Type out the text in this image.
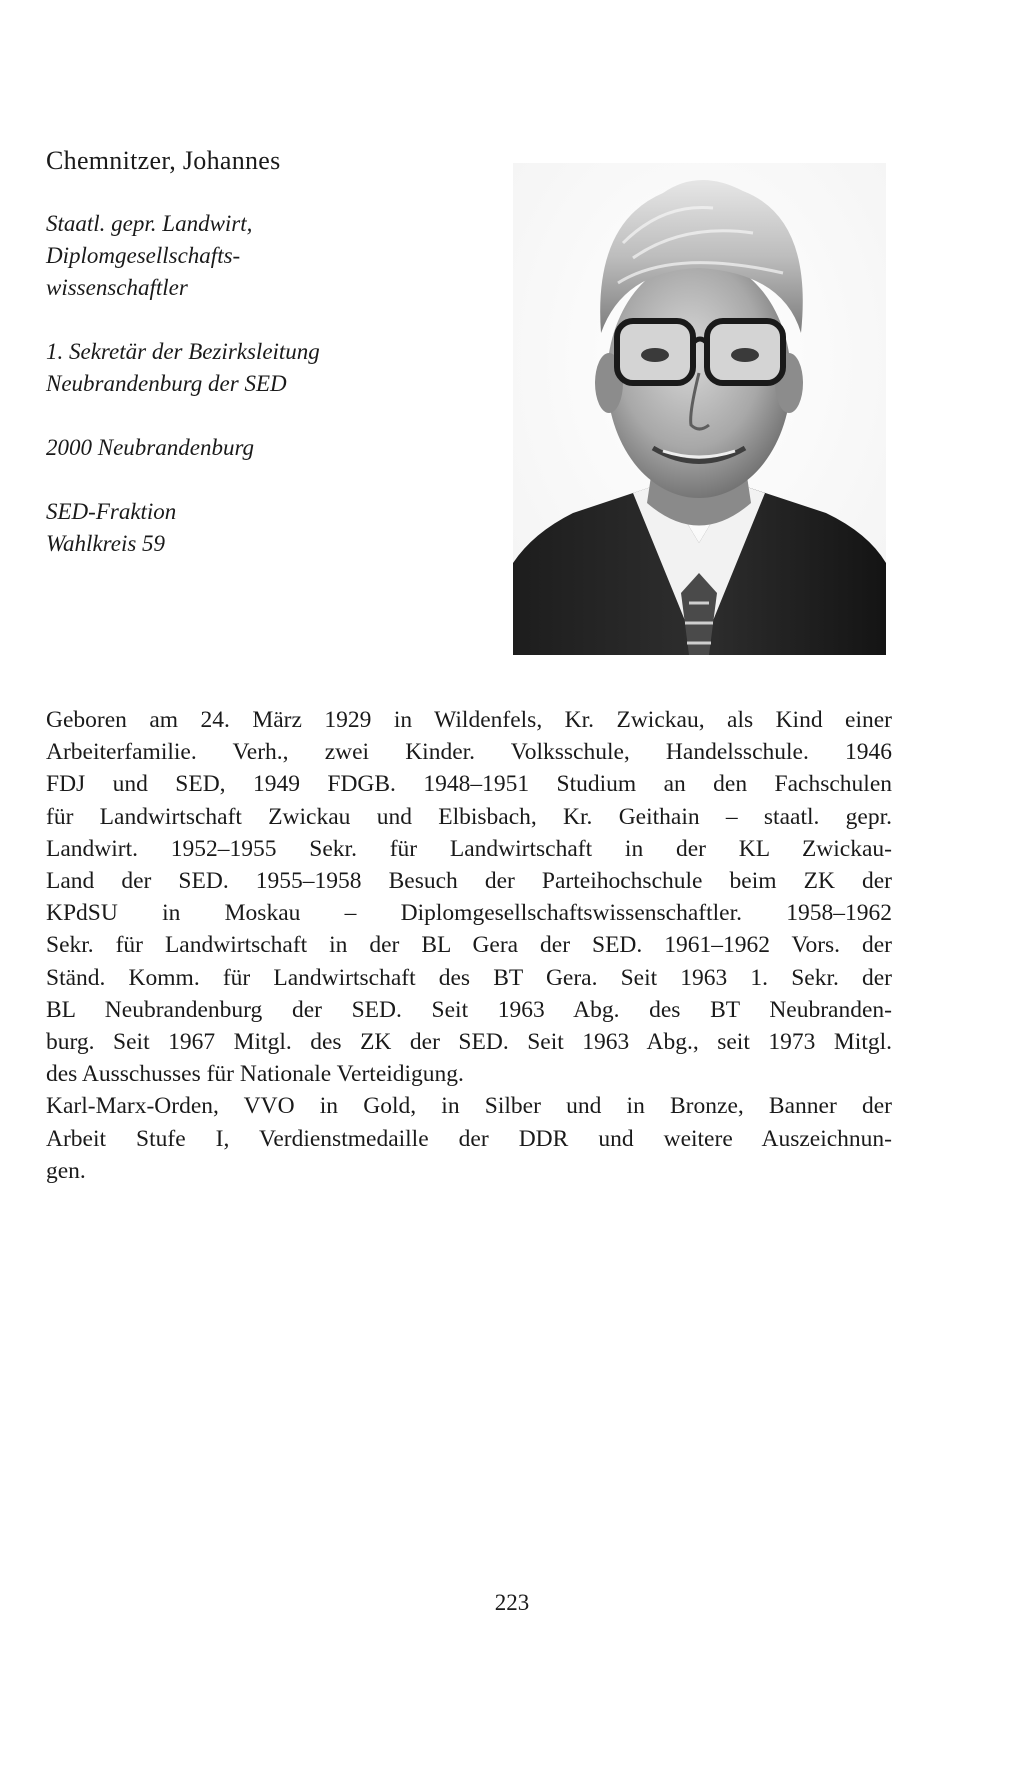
Chemnitzer, Johannes
Staatl. gepr. Landwirt,
Diplomgesellschafts-
wissenschaftler
1. Sekretär der Bezirksleitung
Neubrandenburg der SED
2000 Neubrandenburg
SED-Fraktion
Wahlkreis 59
Geboren am 24. März 1929 in Wildenfels, Kr. Zwickau, als Kind einer
Arbeiterfamilie. Verh., zwei Kinder. Volksschule, Handelsschule. 1946
FDJ und SED, 1949 FDGB. 1948–1951 Studium an den Fachschulen
für Landwirtschaft Zwickau und Elbisbach, Kr. Geithain – staatl. gepr.
Landwirt. 1952–1955 Sekr. für Landwirtschaft in der KL Zwickau-
Land der SED. 1955–1958 Besuch der Parteihochschule beim ZK der
KPdSU in Moskau – Diplomgesellschaftswissenschaftler. 1958–1962
Sekr. für Landwirtschaft in der BL Gera der SED. 1961–1962 Vors. der
Ständ. Komm. für Landwirtschaft des BT Gera. Seit 1963 1. Sekr. der
BL Neubrandenburg der SED. Seit 1963 Abg. des BT Neubranden-
burg. Seit 1967 Mitgl. des ZK der SED. Seit 1963 Abg., seit 1973 Mitgl.
des Ausschusses für Nationale Verteidigung.
Karl-Marx-Orden, VVO in Gold, in Silber und in Bronze, Banner der
Arbeit Stufe I, Verdienstmedaille der DDR und weitere Auszeichnun-
gen.
223
